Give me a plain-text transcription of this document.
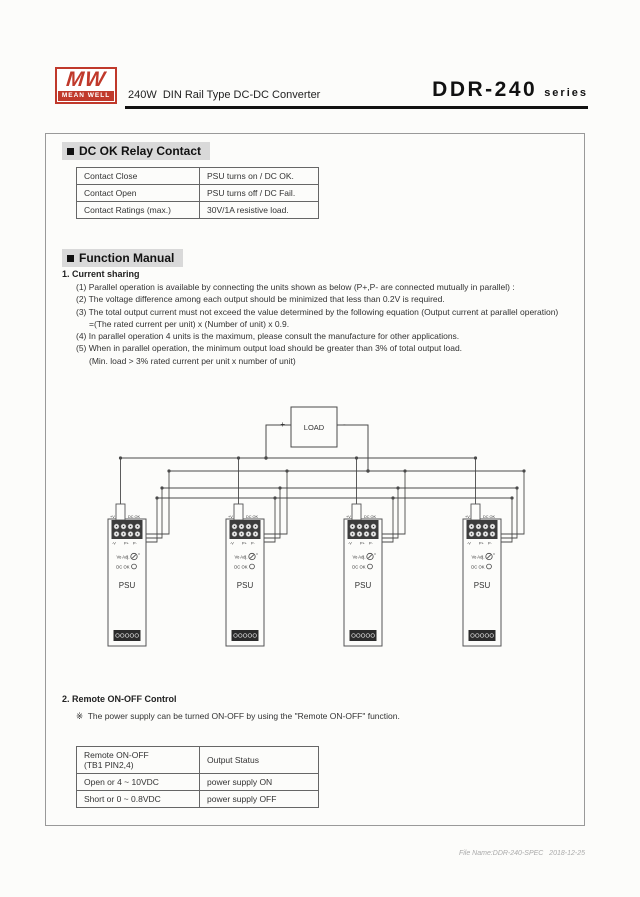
MW
MEAN WELL	240W  DIN Rail Type DC-DC Converter	DDR-240 series
DC OK Relay Contact
Contact Close	PSU turns on / DC OK.
Contact Open	PSU turns off / DC Fail.
Contact Ratings (max.)	30V/1A resistive load.
Function Manual
1. Current sharing
(1) Parallel operation is available by connecting the units shown as below (P+,P- are connected mutually in parallel) :
(2) The voltage difference among each output should be minimized that less than 0.2V is required.
(3) The total output current must not exceed the value determined by the following equation (Output current at parallel operation)
=(The rated current per unit) x (Number of unit) x 0.9.
(4) In parallel operation 4 units is the maximum, please consult the manufacture for other applications.
(5) When in parallel operation, the minimum output load should be greater than 3% of total output load.
(Min. load > 3% rated current per unit x number of unit)
LOAD
+	-
+V	DC OK
-V P+ P-
Vo Adj.
DC OK
PSU
+V	DC OK
-V P+ P-
Vo Adj.
DC OK
PSU
+V	DC OK
-V P+ P-
Vo Adj.
DC OK
PSU
+V	DC OK
-V P+ P-
Vo Adj.
DC OK
PSU
2. Remote ON-OFF Control
※  The power supply can be turned ON-OFF by using the "Remote ON-OFF" function.
Remote ON-OFF
(TB1 PIN2,4)	Output Status
Open or 4 ~ 10VDC	power supply ON
Short or 0 ~ 0.8VDC	power supply OFF
File Name:DDR-240-SPEC   2018-12-25
